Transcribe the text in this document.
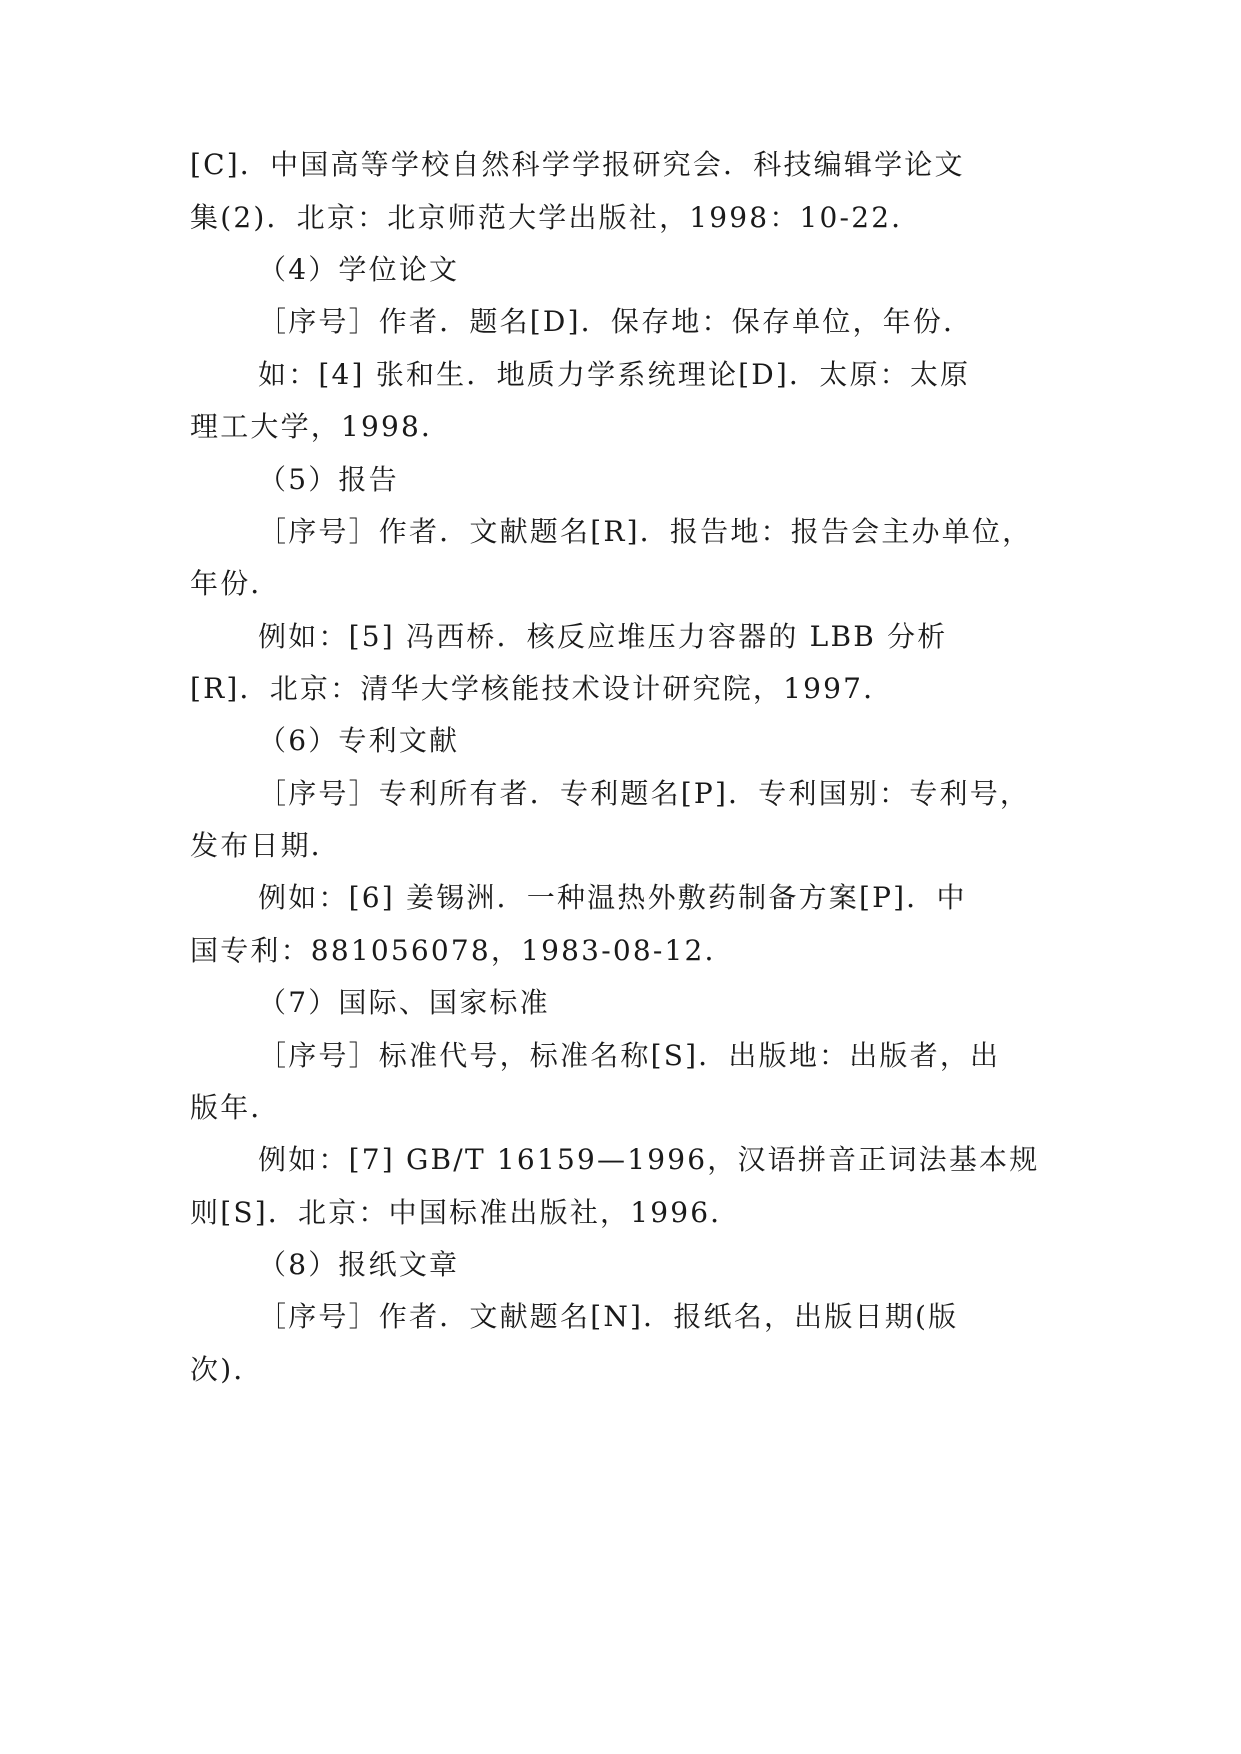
[C]．中国高等学校自然科学学报研究会．科技编辑学论文
集(2)．北京：北京师范大学出版社，1998：10-22．
（4）学位论文
［序号］作者．题名[D]．保存地：保存单位，年份．
如：[4] 张和生．地质力学系统理论[D]．太原：太原
理工大学，1998．
（5）报告
［序号］作者．文献题名[R]．报告地：报告会主办单位，
年份．
例如：[5] 冯西桥．核反应堆压力容器的 LBB 分析
[R]．北京：清华大学核能技术设计研究院，1997．
（6）专利文献
［序号］专利所有者．专利题名[P]．专利国别：专利号，
发布日期．
例如：[6] 姜锡洲．一种温热外敷药制备方案[P]．中
国专利：881056078，1983-08-12．
（7）国际、国家标准
［序号］标准代号，标准名称[S]．出版地：出版者，出
版年．
例如：[7] GB/T 16159—1996，汉语拼音正词法基本规
则[S]．北京：中国标准出版社，1996．
（8）报纸文章
［序号］作者．文献题名[N]．报纸名，出版日期(版
次)．
